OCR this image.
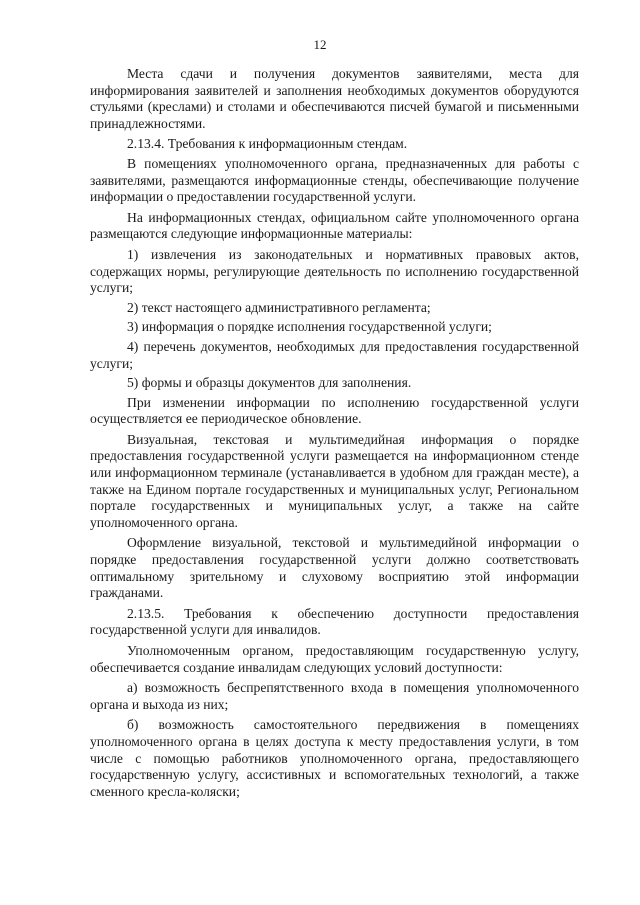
12

Места сдачи и получения документов заявителями, места для информирования заявителей и заполнения необходимых документов оборудуются стульями (креслами) и столами и обеспечиваются писчей бумагой и письменными принадлежностями.

2.13.4. Требования к информационным стендам.

В помещениях уполномоченного органа, предназначенных для работы с заявителями, размещаются информационные стенды, обеспечивающие получение информации о предоставлении государственной услуги.

На информационных стендах, официальном сайте уполномоченного органа размещаются следующие информационные материалы:

1) извлечения из законодательных и нормативных правовых актов, содержащих нормы, регулирующие деятельность по исполнению государственной услуги;

2) текст настоящего административного регламента;

3) информация о порядке исполнения государственной услуги;

4) перечень документов, необходимых для предоставления государственной услуги;

5) формы и образцы документов для заполнения.

При изменении информации по исполнению государственной услуги осуществляется ее периодическое обновление.

Визуальная, текстовая и мультимедийная информация о порядке предоставления государственной услуги размещается на информационном стенде или информационном терминале (устанавливается в удобном для граждан месте), а также на Едином портале государственных и муниципальных услуг, Региональном портале государственных и муниципальных услуг, а также на сайте уполномоченного органа.

Оформление визуальной, текстовой и мультимедийной информации о порядке предоставления государственной услуги должно соответствовать оптимальному зрительному и слуховому восприятию этой информации гражданами.

2.13.5. Требования к обеспечению доступности предоставления государственной услуги для инвалидов.

Уполномоченным органом, предоставляющим государственную услугу, обеспечивается создание инвалидам следующих условий доступности:

а) возможность беспрепятственного входа в помещения уполномоченного органа и выхода из них;

б) возможность самостоятельного передвижения в помещениях уполномоченного органа в целях доступа к месту предоставления услуги, в том числе с помощью работников уполномоченного органа, предоставляющего государственную услугу, ассистивных и вспомогательных технологий, а также сменного кресла-коляски;
